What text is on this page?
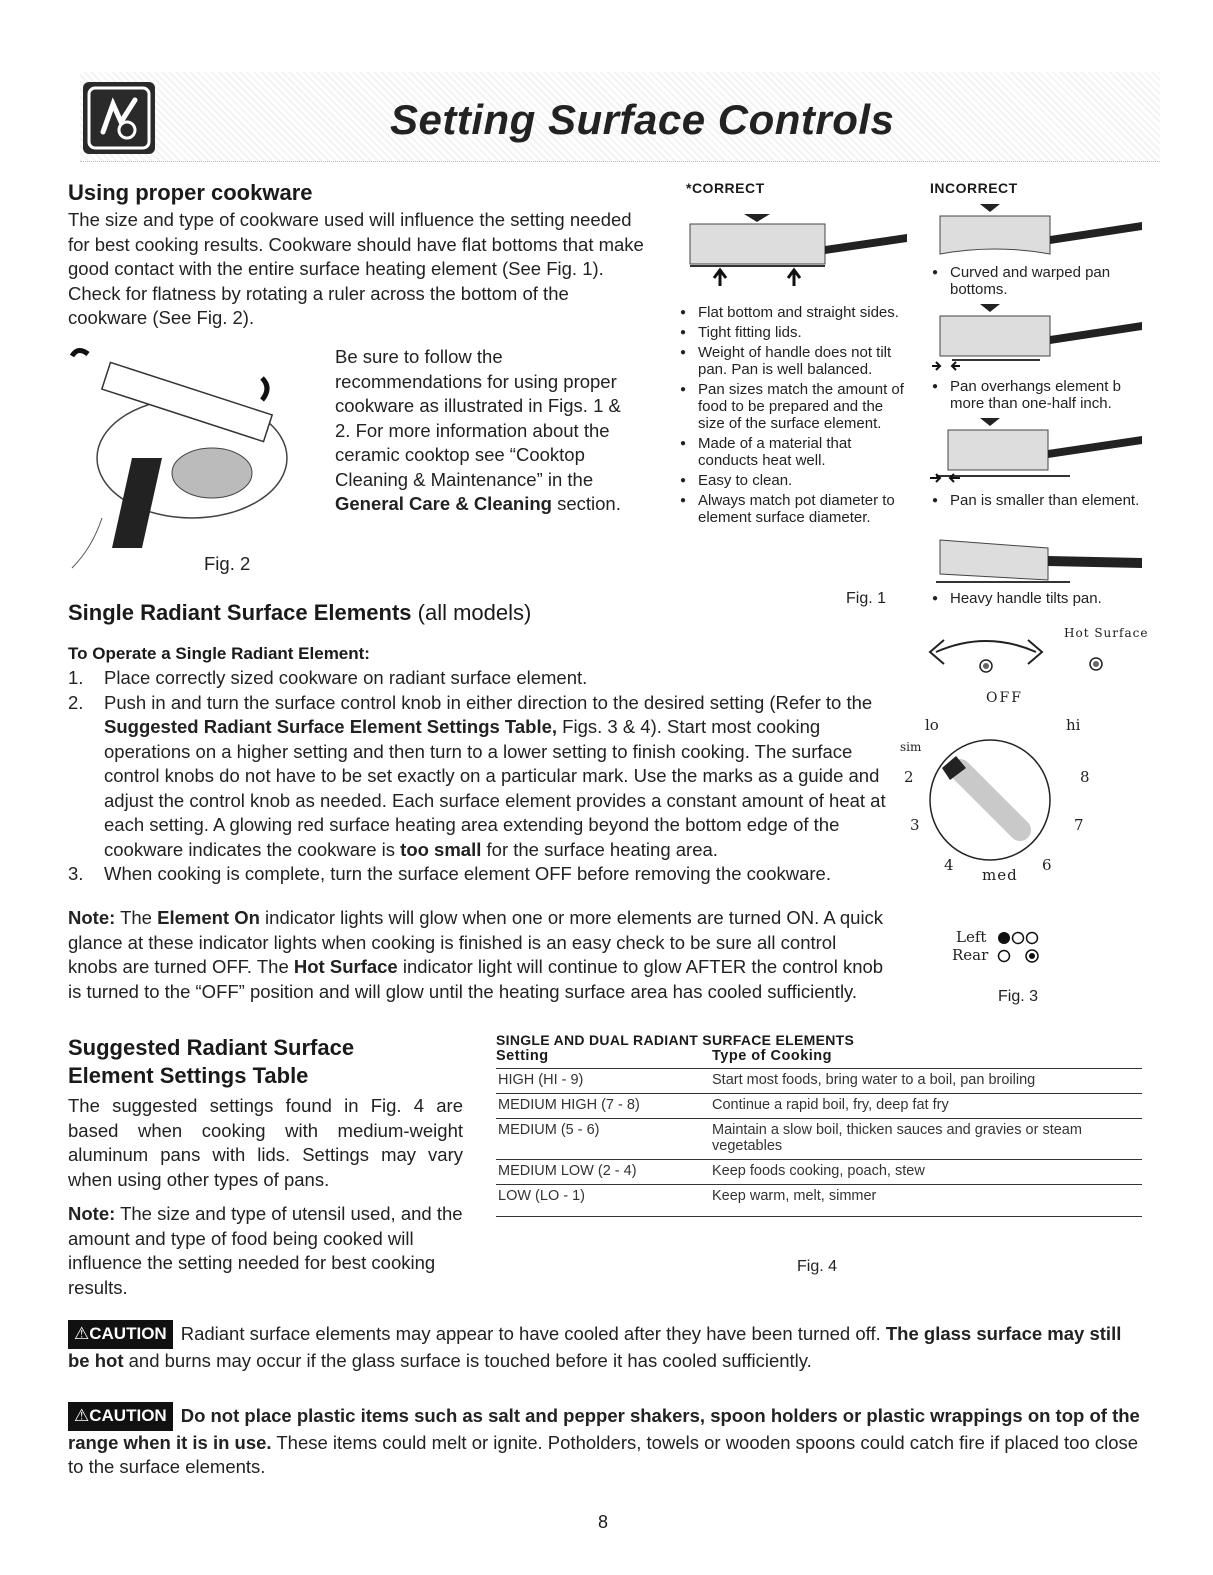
Setting Surface Controls
Using proper cookware
The size and type of cookware used will influence the setting needed for best cooking results. Cookware should have flat bottoms that make good contact with the entire surface heating element (See Fig. 1). Check for flatness by rotating a ruler across the bottom of the cookware (See Fig. 2).
Fig. 2
Be sure to follow the recommendations for using proper cookware as illustrated in Figs. 1 & 2. For more information about the ceramic cooktop see “Cooktop Cleaning & Maintenance” in the General Care & Cleaning section.
*CORRECT
● Flat bottom and straight sides.
● Tight fitting lids.
● Weight of handle does not tilt pan. Pan is well balanced.
● Pan sizes match the amount of food to be prepared and the size of the surface element.
● Made of a material that conducts heat well.
● Easy to clean.
● Always match pot diameter to element surface diameter.
Fig. 1
INCORRECT
● Curved and warped pan bottoms.
● Pan overhangs element b more than one-half inch.
● Pan is smaller than element.
● Heavy handle tilts pan.
Single Radiant Surface Elements (all models)
To Operate a Single Radiant Element:
1. Place correctly sized cookware on radiant surface element.
2. Push in and turn the surface control knob in either direction to the desired setting (Refer to the Suggested Radiant Surface Element Settings Table, Figs. 3 & 4). Start most cooking operations on a higher setting and then turn to a lower setting to finish cooking. The surface control knobs do not have to be set exactly on a particular mark. Use the marks as a guide and adjust the control knob as needed. Each surface element provides a constant amount of heat at each setting. A glowing red surface heating area extending beyond the bottom edge of the cookware indicates the cookware is too small for the surface heating area.
3. When cooking is complete, turn the surface element OFF before removing the cookware.
Note: The Element On indicator lights will glow when one or more elements are turned ON. A quick glance at these indicator lights when cooking is finished is an easy check to be sure all control knobs are turned OFF. The Hot Surface indicator light will continue to glow AFTER the control knob is turned to the “OFF” position and will glow until the heating surface area has cooled sufficiently.
Hot Surface
OFF
lo	hi
sim
2	8
3	7
4	6
med
Left
Rear
Fig. 3
Suggested Radiant Surface
Element Settings Table
The suggested settings found in Fig. 4 are based when cooking with medium-weight aluminum pans with lids. Settings may vary when using other types of pans.
Note: The size and type of utensil used, and the amount and type of food being cooked will influence the setting needed for best cooking results.
SINGLE AND DUAL RADIANT SURFACE ELEMENTS
Setting	Type of Cooking
HIGH (HI - 9)	Start most foods, bring water to a boil, pan broiling
MEDIUM HIGH (7 - 8)	Continue a rapid boil, fry, deep fat fry
MEDIUM (5 - 6)	Maintain a slow boil, thicken sauces and gravies or steam vegetables
MEDIUM LOW (2 - 4)	Keep foods cooking, poach, stew
LOW (LO - 1)	Keep warm, melt, simmer
Fig. 4
⚠CAUTION Radiant surface elements may appear to have cooled after they have been turned off. The glass surface may still be hot and burns may occur if the glass surface is touched before it has cooled sufficiently.
⚠CAUTION Do not place plastic items such as salt and pepper shakers, spoon holders or plastic wrappings on top of the range when it is in use. These items could melt or ignite. Potholders, towels or wooden spoons could catch fire if placed too close to the surface elements.
8
